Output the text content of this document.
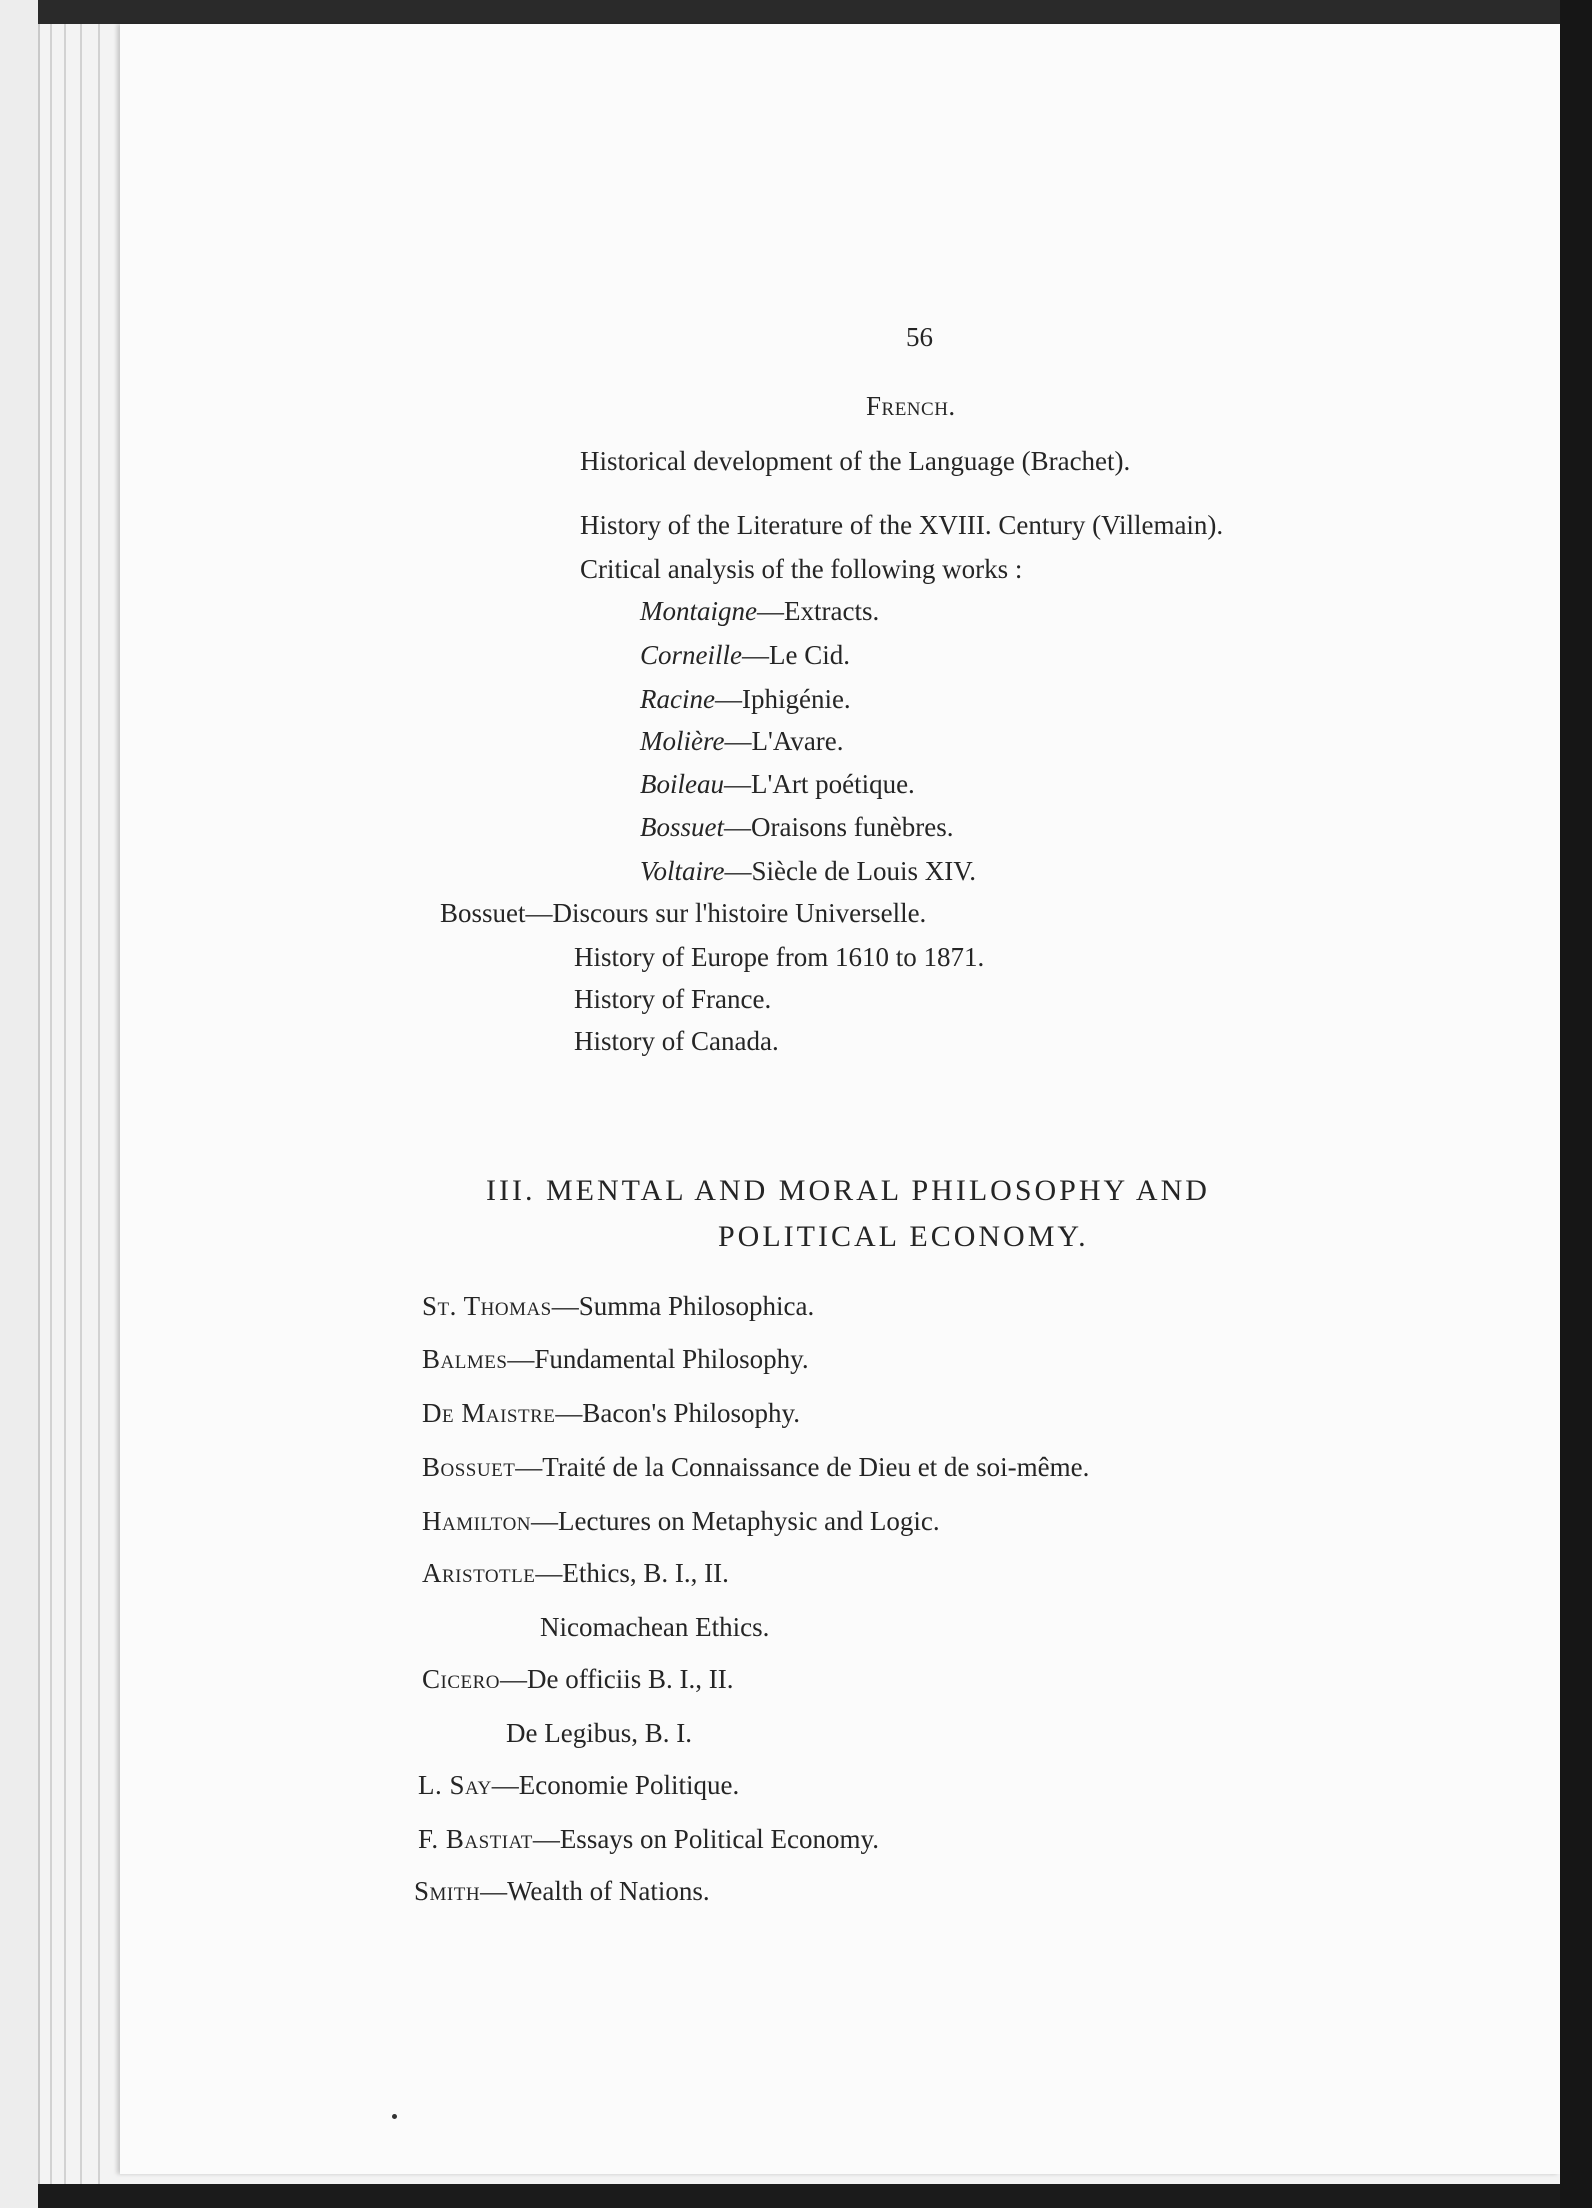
56
French.
Historical development of the Language (Brachet).
History of the Literature of the XVIII. Century (Villemain).
Critical analysis of the following works :
Montaigne—Extracts.
Corneille—Le Cid.
Racine—Iphigénie.
Molière—L'Avare.
Boileau—L'Art poétique.
Bossuet—Oraisons funèbres.
Voltaire—Siècle de Louis XIV.
Bossuet—Discours sur l'histoire Universelle.
History of Europe from 1610 to 1871.
History of France.
History of Canada.
III. MENTAL AND MORAL PHILOSOPHY AND
POLITICAL ECONOMY.
St. Thomas—Summa Philosophica.
Balmes—Fundamental Philosophy.
De Maistre—Bacon's Philosophy.
Bossuet—Traité de la Connaissance de Dieu et de soi-même.
Hamilton—Lectures on Metaphysic and Logic.
Aristotle—Ethics, B. I., II.
Nicomachean Ethics.
Cicero—De officiis B. I., II.
De Legibus, B. I.
L. Say—Economie Politique.
F. Bastiat—Essays on Political Economy.
Smith—Wealth of Nations.
